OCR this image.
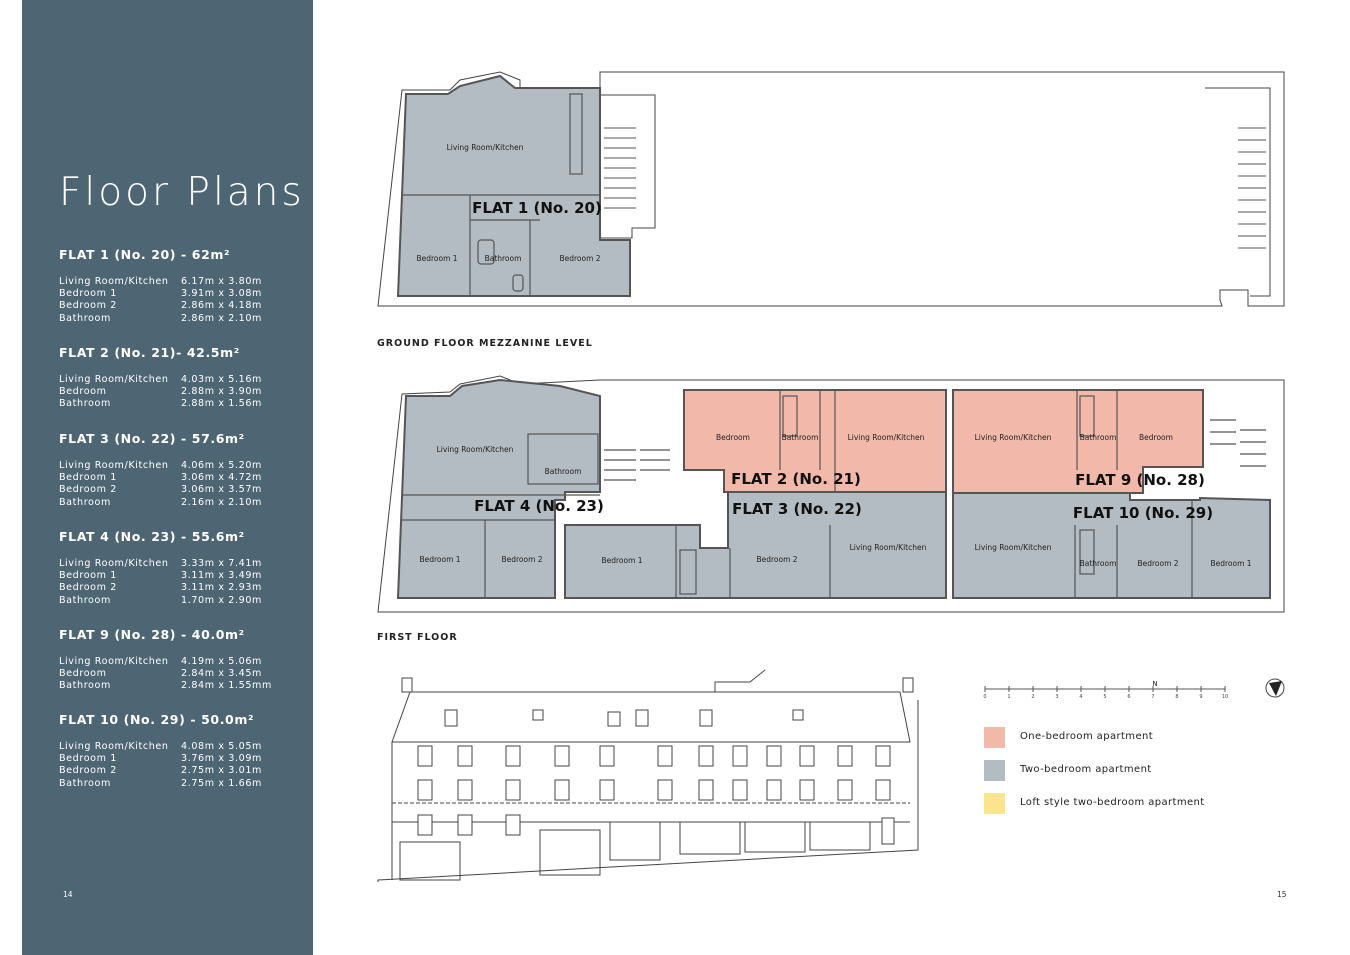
Floor Plans
FLAT 1 (No. 20) - 62m²
Living Room/Kitchen	6.17m x 3.80m
Bedroom 1	3.91m x 3.08m
Bedroom 2	2.86m x 4.18m
Bathroom	2.86m x 2.10m
FLAT 2 (No. 21)- 42.5m²
Living Room/Kitchen	4.03m x 5.16m
Bedroom	2.88m x 3.90m
Bathroom	2.88m x 1.56m
FLAT 3 (No. 22) - 57.6m²
Living Room/Kitchen	4.06m x 5.20m
Bedroom 1	3.06m x 4.72m
Bedroom 2	3.06m x 3.57m
Bathroom	2.16m x 2.10m
FLAT 4 (No. 23) - 55.6m²
Living Room/Kitchen	3.33m x 7.41m
Bedroom 1	3.11m x 3.49m
Bedroom 2	3.11m x 2.93m
Bathroom	1.70m x 2.90m
FLAT 9 (No. 28) - 40.0m²
Living Room/Kitchen	4.19m x 5.06m
Bedroom	2.84m x 3.45m
Bathroom	2.84m x 1.55mm
FLAT 10 (No. 29) - 50.0m²
Living Room/Kitchen	4.08m x 5.05m
Bedroom 1	3.76m x 3.09m
Bedroom 2	2.75m x 3.01m
Bathroom	2.75m x 1.66m
14
Living Room/Kitchen
Bedroom 1	Bathroom	Bedroom 2
FLAT 1 (No. 20)
Living Room/Kitchen
Bathroom
Bedroom 1	Bedroom 2	Bedroom 1	Bedroom 2
Living Room/Kitchen
Bedroom	Bathroom	Living Room/Kitchen	Living Room/Kitchen	Bathroom	Bedroom
Living Room/Kitchen
Bathroom	Bedroom 2	Bedroom 1
FLAT 4 (No. 23)
FLAT 2 (No. 21)
FLAT 3 (No. 22)
FLAT 9 (No. 28)
FLAT 10 (No. 29)
0	1	2	3	4	5	6	7	8	9	10
N
GROUND FLOOR MEZZANINE LEVEL
FIRST FLOOR
One-bedroom apartment
Two-bedroom apartment
Loft style two-bedroom apartment
15
